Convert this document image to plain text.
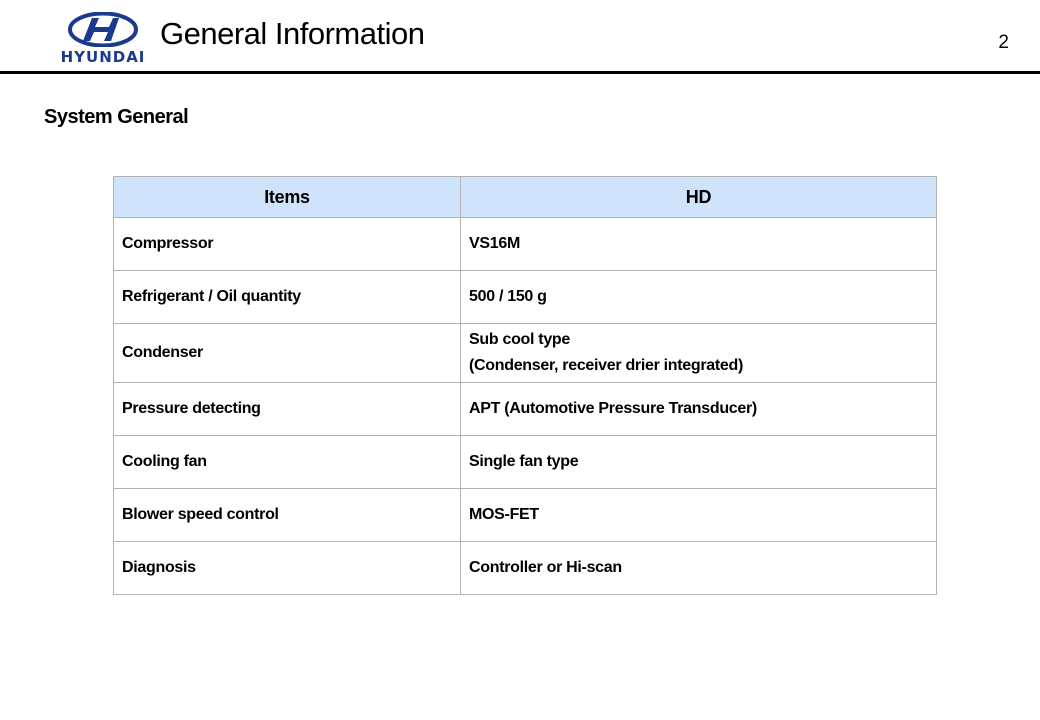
HYUNDAI
General Information	2
System General
Items	HD
Compressor	VS16M
Refrigerant / Oil quantity	500 / 150 g
Condenser	Sub cool type
(Condenser, receiver drier integrated)

Pressure detecting	APT (Automotive Pressure Transducer)
Cooling fan	Single fan type
Blower speed control	MOS-FET
Diagnosis	Controller or Hi-scan
